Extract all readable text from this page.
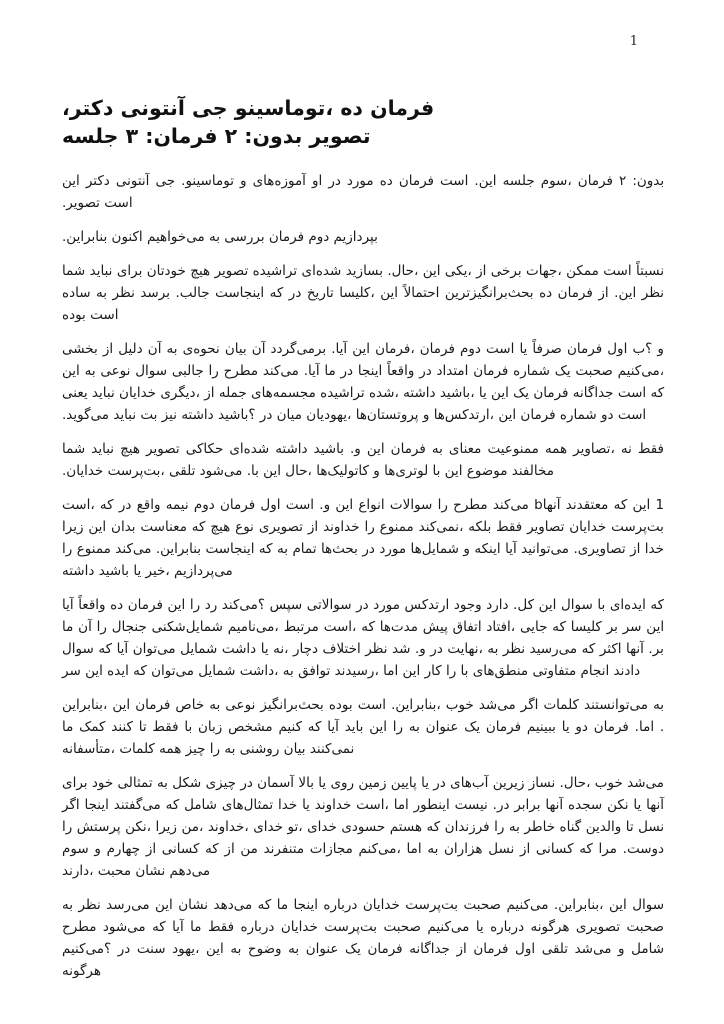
1
،دکتر آنتونی جی توماسینو، ده فرمان
جلسه ۳ :فرمان ۲ :بدون تصویر

این دکتر آنتونی جی .توماسینو و آموزه‌های او در مورد ده فرمان است .این جلسه سوم، فرمان ۲ :بدون .تصویر است

.بنابراین اکنون می‌خواهیم به بررسی فرمان دوم بپردازیم

شما نباید برای خودتان هیچ تصویر تراشیده شده‌ای بسازید .حال، این یکی، از برخی جهات، ممکن است نسبتاً ساده به نظر برسد .جالب اینجاست که در تاریخ کلیسا، این احتمالاً بحث‌برانگیزترین ده فرمان از .این نظر بوده است

بخشی از دلیل آن به نحوه‌ی بیان آن برمی‌گردد .آیا این فرمان، فرمان دوم است یا صرفاً فرمان اول ؟ب و این به نوعی سوال جالبی را مطرح می‌کند .آیا ما در اینجا واقعاً در امتداد فرمان شماره یک صحبت می‌کنیم، یعنی نباید خدایان دیگری، از جمله مجسمه‌های تراشیده شده، داشته باشید، یا این یک فرمان جداگانه است که .می‌گوید نباید بت نیز داشته ؟باشید در میان یهودیان، پروتستان‌ها و ارتدکس‌ها، این فرمان شماره دو است

شما نباید هیچ تصویر حکاکی شده‌ای داشته باشید .و این فرمان به معنای ممنوعیت همه تصاویر، نه فقط .خدایان بت‌پرست، تلقی می‌شود .با این حال، کاتولیک‌ها و لوتری‌ها با این موضوع مخالفند

است، که در واقع نیمه دوم فرمان اول است .و این انواع سوالات را مطرح می‌کند bآنها معتقدند که این 1 زیرا این بدان معناست که هیچ نوع تصویری از خداوند را ممنوع نمی‌کند، بلکه فقط تصاویر خدایان بت‌پرست را ممنوع می‌کند .بنابراین اینجاست که به تمام بحث‌ها در مورد شمایل‌ها و اینکه آیا می‌توانید .تصاویری از خدا داشته باشید یا خیر، می‌پردازیم

آیا واقعاً ده فرمان این را رد ؟می‌کند سپس سوالاتی در مورد ارتدکس وجود دارد .کل این سوال با ایده‌ای که ما آن را جنجال شمایل‌شکنی می‌نامیم، مرتبط است، که مدت‌ها پیش اتفاق افتاد، جایی که کلیسا بر سر این سوال که آیا می‌توان شمایل داشت یا نه، دچار اختلاف نظر شد .و در نهایت، به نظر می‌رسید که اکثر آنها .بر سر این ایده که می‌توان شمایل داشت، به توافق رسیدند، اما این کار را با منطق‌های متفاوتی انجام دادند

بنابراین، این فرمان خاص به نوعی بحث‌برانگیز بوده است .بنابراین، خوب می‌شد اگر کلمات می‌توانستند به ما کمک کنند تا فقط با زبان مشخص کنیم که آیا باید این را به عنوان یک فرمان ببینیم یا دو فرمان .اما . متأسفانه، کلمات همه چیز را به روشنی بیان نمی‌کنند

برای خود تمثالی به شکل چیزی در آسمان بالا یا روی زمین پایین یا در آب‌های زیرین نساز .حال، خوب می‌شد اگر اینجا می‌گفتند که شامل تمثال‌های خدا یا خداوند است، اما اینطور نیست .در برابر آنها سجده نکن یا آنها را پرستش نکن، زیرا من، خداوند، خدای تو، خدای حسودی هستم که فرزندان را به خاطر گناه والدین تا نسل سوم و چهارم از کسانی که از من متنفرند مجازات می‌کنم، اما به هزاران نسل از کسانی که مرا .دوست دارند، محبت نشان می‌دهم

به نظر می‌رسد این نشان می‌دهد که ما اینجا درباره خدایان بت‌پرست صحبت می‌کنیم .بنابراین، این سوال مطرح می‌شود که آیا ما فقط درباره خدایان بت‌پرست صحبت می‌کنیم یا درباره هرگونه تصویری صحبت ؟می‌کنیم در سنت یهود، این به وضوح به عنوان یک فرمان جداگانه از فرمان اول تلقی می‌شد و شامل هرگونه
